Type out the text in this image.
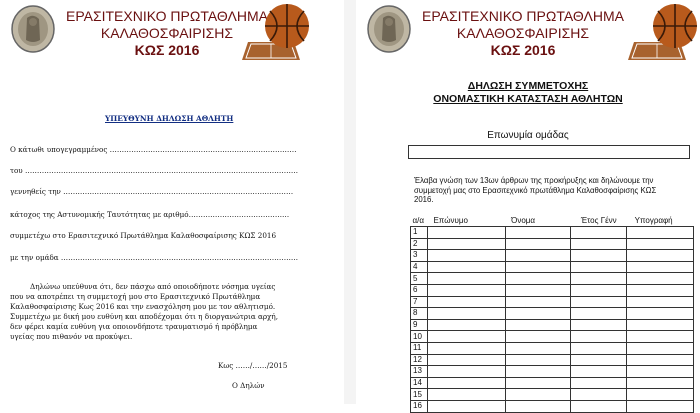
ΕΡΑΣΙΤΕΧΝΙΚΟ ΠΡΩΤΑΘΛΗΜΑ
ΚΑΛΑΘΟΣΦΑΙΡΙΣΗΣ
ΚΩΣ 2016
ΥΠΕΥΘΥΝΗ ΔΗΛΩΣΗ ΑΘΛΗΤΗ
Ο κάτωθι υπογεγραμμένος ……………………………………………………………………
του ……………………………………………………………………………………………………
γεννηθείς την ……………………………………………………………………………………
κάτοχος της Αστυνομικής Ταυτότητας με αριθμό……………………………………
συμμετέχω στο Ερασιτεχνικό Πρωτάθλημα Καλαθοσφαίρισης ΚΩΣ 2016
με την ομάδα ………………………………………………………………………………………
Δηλώνω υπεύθυνα ότι, δεν πάσχω από οποιοδήποτε νόσημα υγείας
που να αποτρέπει τη συμμετοχή μου στο Ερασιτεχνικό Πρωτάθλημα
Καλαθοσφαίρισης Κως 2016 και την ενασχόληση μου με τον αθλητισμό.
Συμμετέχω με δική μου ευθύνη και αποδέχομαι ότι η διοργανώτρια αρχή,
δεν φέρει καμία ευθύνη για οποιονδήποτε τραυματισμό ή πρόβλημα
υγείας που πιθανόν να προκύψει.
Κως ……/……/2015
Ο Δηλών
ΕΡΑΣΙΤΕΧΝΙΚΟ ΠΡΩΤΑΘΛΗΜΑ
ΚΑΛΑΘΟΣΦΑΙΡΙΣΗΣ
ΚΩΣ 2016
ΔΗΛΩΣΗ ΣΥΜΜΕΤΟΧΗΣ
ΟΝΟΜΑΣΤΙΚΗ ΚΑΤΑΣΤΑΣΗ ΑΘΛΗΤΩΝ
Επωνυμία ομάδας
Έλαβα γνώση των 13ων άρθρων της προκήρυξης και δηλώνουμε την
συμμετοχή μας στο Ερασιτεχνικό πρωτάθλημα Καλαθοσφαίρισης ΚΩΣ
2016.
α/α	Επώνυμο	Όνομα	Έτος Γένν	Υπογραφή
1				
2				
3				
4				
5				
6				
7				
8				
9				
10				
11				
12				
13				
14				
15				
16				
